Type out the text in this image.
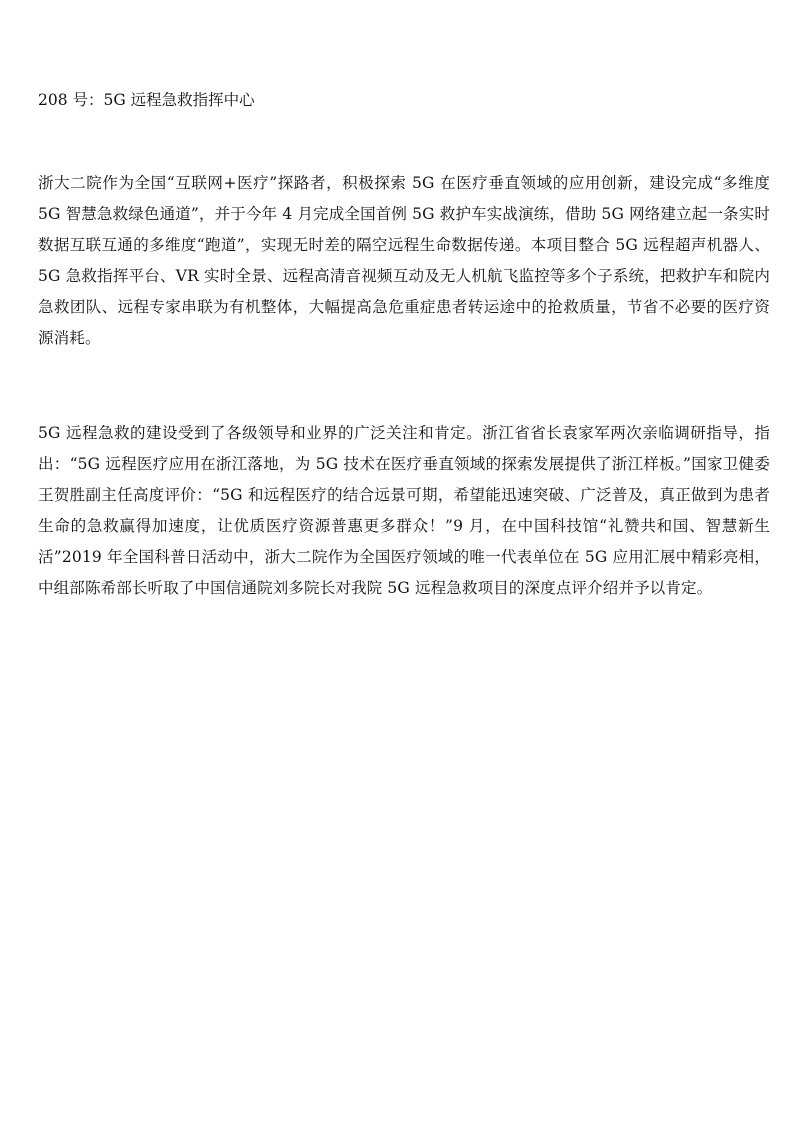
208 号：5G 远程急救指挥中心

浙大二院作为全国“互联网+医疗”探路者，积极探索 5G 在医疗垂直领域的应用创新，建设完成“多维度 5G 智慧急救绿色通道”，并于今年 4 月完成全国首例 5G 救护车实战演练，借助 5G 网络建立起一条实时数据互联互通的多维度“跑道”，实现无时差的隔空远程生命数据传递。本项目整合 5G 远程超声机器人、5G 急救指挥平台、VR 实时全景、远程高清音视频互动及无人机航飞监控等多个子系统，把救护车和院内急救团队、远程专家串联为有机整体，大幅提高急危重症患者转运途中的抢救质量，节省不必要的医疗资源消耗。

5G 远程急救的建设受到了各级领导和业界的广泛关注和肯定。浙江省省长袁家军两次亲临调研指导，指出：“5G 远程医疗应用在浙江落地，为 5G 技术在医疗垂直领域的探索发展提供了浙江样板。”国家卫健委王贺胜副主任高度评价：“5G 和远程医疗的结合远景可期，希望能迅速突破、广泛普及，真正做到为患者生命的急救赢得加速度，让优质医疗资源普惠更多群众！”9 月，在中国科技馆“礼赞共和国、智慧新生活”2019 年全国科普日活动中，浙大二院作为全国医疗领域的唯一代表单位在 5G 应用汇展中精彩亮相，中组部陈希部长听取了中国信通院刘多院长对我院 5G 远程急救项目的深度点评介绍并予以肯定。
